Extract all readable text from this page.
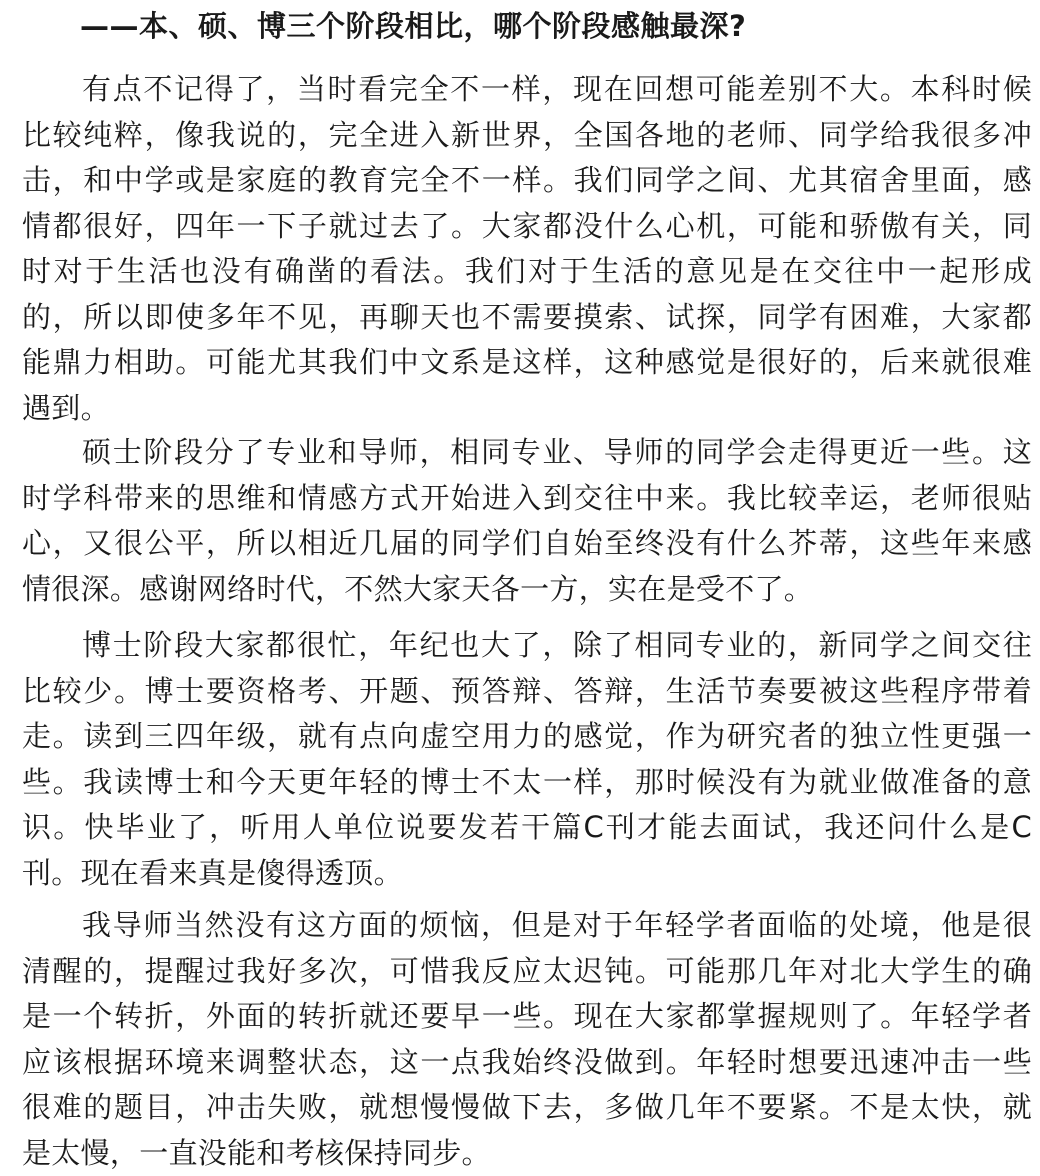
——本、硕、博三个阶段相比，哪个阶段感触最深?
有点不记得了，当时看完全不一样，现在回想可能差别不大。本科时候
比较纯粹，像我说的，完全进入新世界，全国各地的老师、同学给我很多冲
击，和中学或是家庭的教育完全不一样。我们同学之间、尤其宿舍里面，感
情都很好，四年一下子就过去了。大家都没什么心机，可能和骄傲有关，同
时对于生活也没有确凿的看法。我们对于生活的意见是在交往中一起形成
的，所以即使多年不见，再聊天也不需要摸索、试探，同学有困难，大家都
能鼎力相助。可能尤其我们中文系是这样，这种感觉是很好的，后来就很难
遇到。
硕士阶段分了专业和导师，相同专业、导师的同学会走得更近一些。这
时学科带来的思维和情感方式开始进入到交往中来。我比较幸运，老师很贴
心，又很公平，所以相近几届的同学们自始至终没有什么芥蒂，这些年来感
情很深。感谢网络时代，不然大家天各一方，实在是受不了。
博士阶段大家都很忙，年纪也大了，除了相同专业的，新同学之间交往
比较少。博士要资格考、开题、预答辩、答辩，生活节奏要被这些程序带着
走。读到三四年级，就有点向虚空用力的感觉，作为研究者的独立性更强一
些。我读博士和今天更年轻的博士不太一样，那时候没有为就业做准备的意
识。快毕业了，听用人单位说要发若干篇C刊才能去面试，我还问什么是C
刊。现在看来真是傻得透顶。
我导师当然没有这方面的烦恼，但是对于年轻学者面临的处境，他是很
清醒的，提醒过我好多次，可惜我反应太迟钝。可能那几年对北大学生的确
是一个转折，外面的转折就还要早一些。现在大家都掌握规则了。年轻学者
应该根据环境来调整状态，这一点我始终没做到。年轻时想要迅速冲击一些
很难的题目，冲击失败，就想慢慢做下去，多做几年不要紧。不是太快，就
是太慢，一直没能和考核保持同步。
